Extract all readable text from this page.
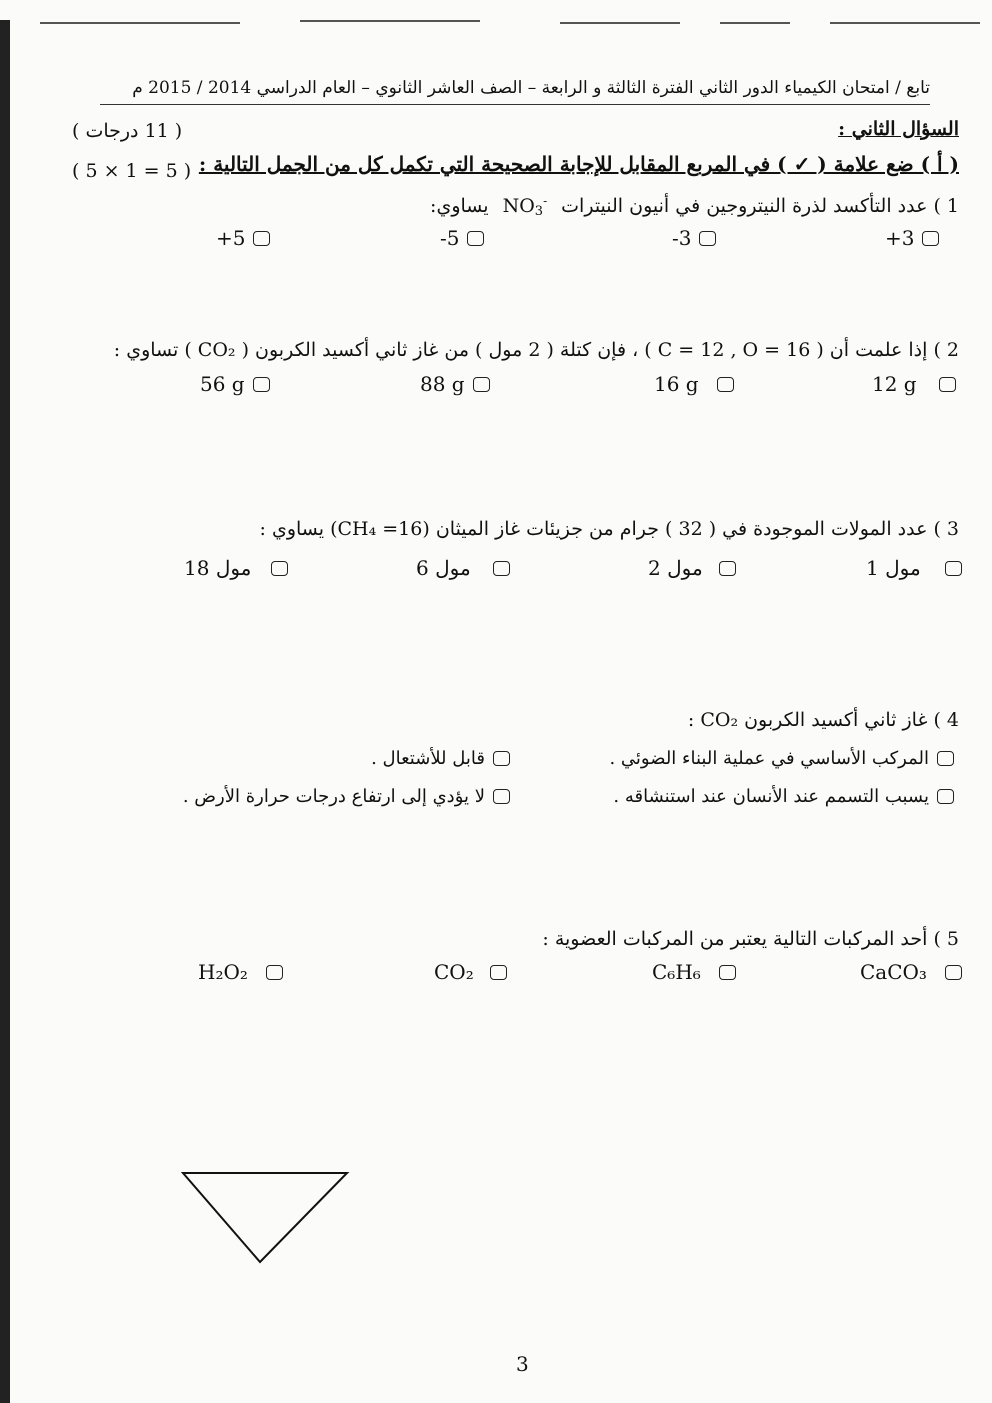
تابع / امتحان الكيمياء الدور الثاني الفترة الثالثة و الرابعة – الصف العاشر الثانوي – العام الدراسي 2014 / 2015 م
السؤال الثاني :
( 11 درجات )
( أ ) ضع علامة ( ✓ ) في المربع المقابل للإجابة الصحيحة التي تكمل كل من الجمل التالية :
( 5 × 1 = 5 )
1 ) عدد التأكسد لذرة النيتروجين في أنيون النيترات $NO_3^-$ يساوي:
+3
-3
-5
+5
2 ) إذا علمت أن ( C = 12 , O = 16 ) ، فإن كتلة ( 2 مول ) من غاز ثاني أكسيد الكربون ( CO₂ ) تساوي :
12 g
16 g
88 g
56 g
3 ) عدد المولات الموجودة في ( 32 ) جرام من جزيئات غاز الميثان (CH₄ =16) يساوي :
1 مول
2 مول
6 مول
18 مول
4 ) غاز ثاني أكسيد الكربون CO₂ :
المركب الأساسي في عملية البناء الضوئي .
قابل للأشتعال .
يسبب التسمم عند الأنسان عند استنشاقه .
لا يؤدي إلى ارتفاع درجات حرارة الأرض .
5 ) أحد المركبات التالية يعتبر من المركبات العضوية :
CaCO₃
C₆H₆
CO₂
H₂O₂
3
